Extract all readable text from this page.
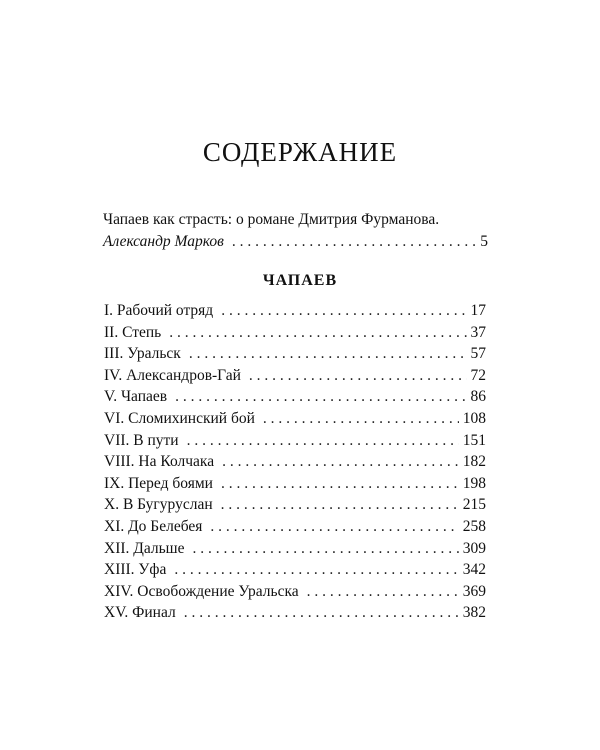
СОДЕРЖАНИЕ
Чапаев как страсть: о романе Дмитрия Фурманова.
Александр Марков . . .	5
ЧАПАЕВ
I. Рабочий отряд . . .	17
II. Степь . . .	37
III. Уральск . . .	57
IV. Александров-Гай . . .	72
V. Чапаев . . .	86
VI. Сломихинский бой . . .	108
VII. В пути . . .	151
VIII. На Колчака . . .	182
IX. Перед боями . . .	198
X. В Бугуруслан . . .	215
XI. До Белебея . . .	258
XII. Дальше . . .	309
XIII. Уфа . . .	342
XIV. Освобождение Уральска . . .	369
XV. Финал . . .	382
